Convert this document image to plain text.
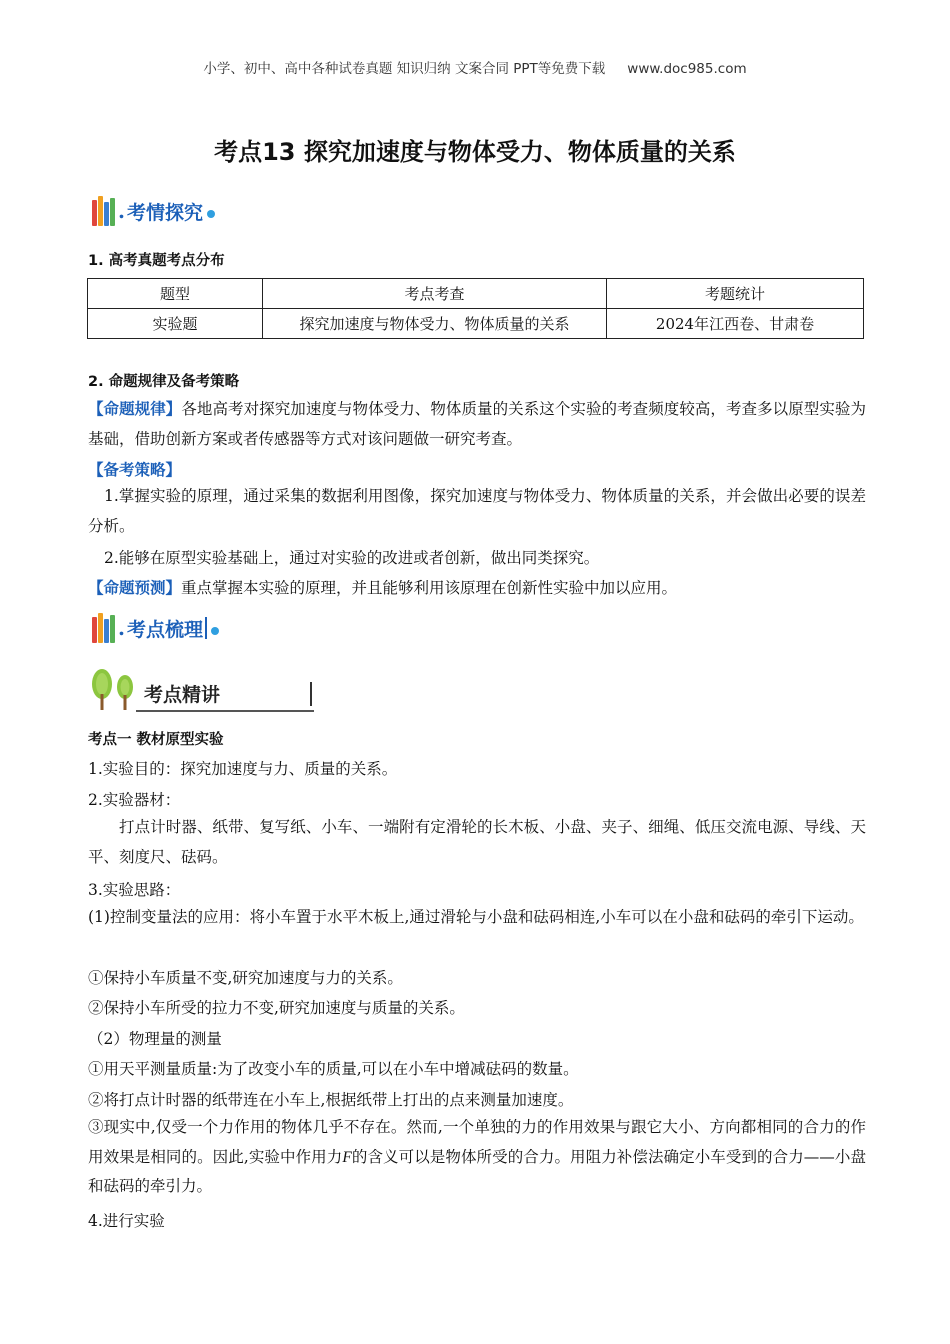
小学、初中、高中各种试卷真题 知识归纳 文案合同 PPT等免费下载 www.doc985.com
考点13 探究加速度与物体受力、物体质量的关系
. 考情探究
1. 高考真题考点分布
题型	考点考查	考题统计
实验题	探究加速度与物体受力、物体质量的关系	2024年江西卷、甘肃卷
2. 命题规律及备考策略
【命题规律】各地高考对探究加速度与物体受力、物体质量的关系这个实验的考查频度较高，考查多以原型实验为基础，借助创新方案或者传感器等方式对该问题做一研究考查。
【备考策略】
1.掌握实验的原理，通过采集的数据利用图像，探究加速度与物体受力、物体质量的关系，并会做出必要的误差分析。
2.能够在原型实验基础上，通过对实验的改进或者创新，做出同类探究。
【命题预测】重点掌握本实验的原理，并且能够利用该原理在创新性实验中加以应用。
. 考点梳理
考点精讲
考点一 教材原型实验
1.实验目的：探究加速度与力、质量的关系。
2.实验器材：
打点计时器、纸带、复写纸、小车、一端附有定滑轮的长木板、小盘、夹子、细绳、低压交流电源、导线、天平、刻度尺、砝码。
3.实验思路：
(1)控制变量法的应用：将小车置于水平木板上,通过滑轮与小盘和砝码相连,小车可以在小盘和砝码的牵引下运动。
①保持小车质量不变,研究加速度与力的关系。
②保持小车所受的拉力不变,研究加速度与质量的关系。
（2）物理量的测量
①用天平测量质量:为了改变小车的质量,可以在小车中增减砝码的数量。
②将打点计时器的纸带连在小车上,根据纸带上打出的点来测量加速度。
③现实中,仅受一个力作用的物体几乎不存在。然而,一个单独的力的作用效果与跟它大小、方向都相同的合力的作用效果是相同的。因此,实验中作用力F的含义可以是物体所受的合力。用阻力补偿法确定小车受到的合力——小盘和砝码的牵引力。
4.进行实验
